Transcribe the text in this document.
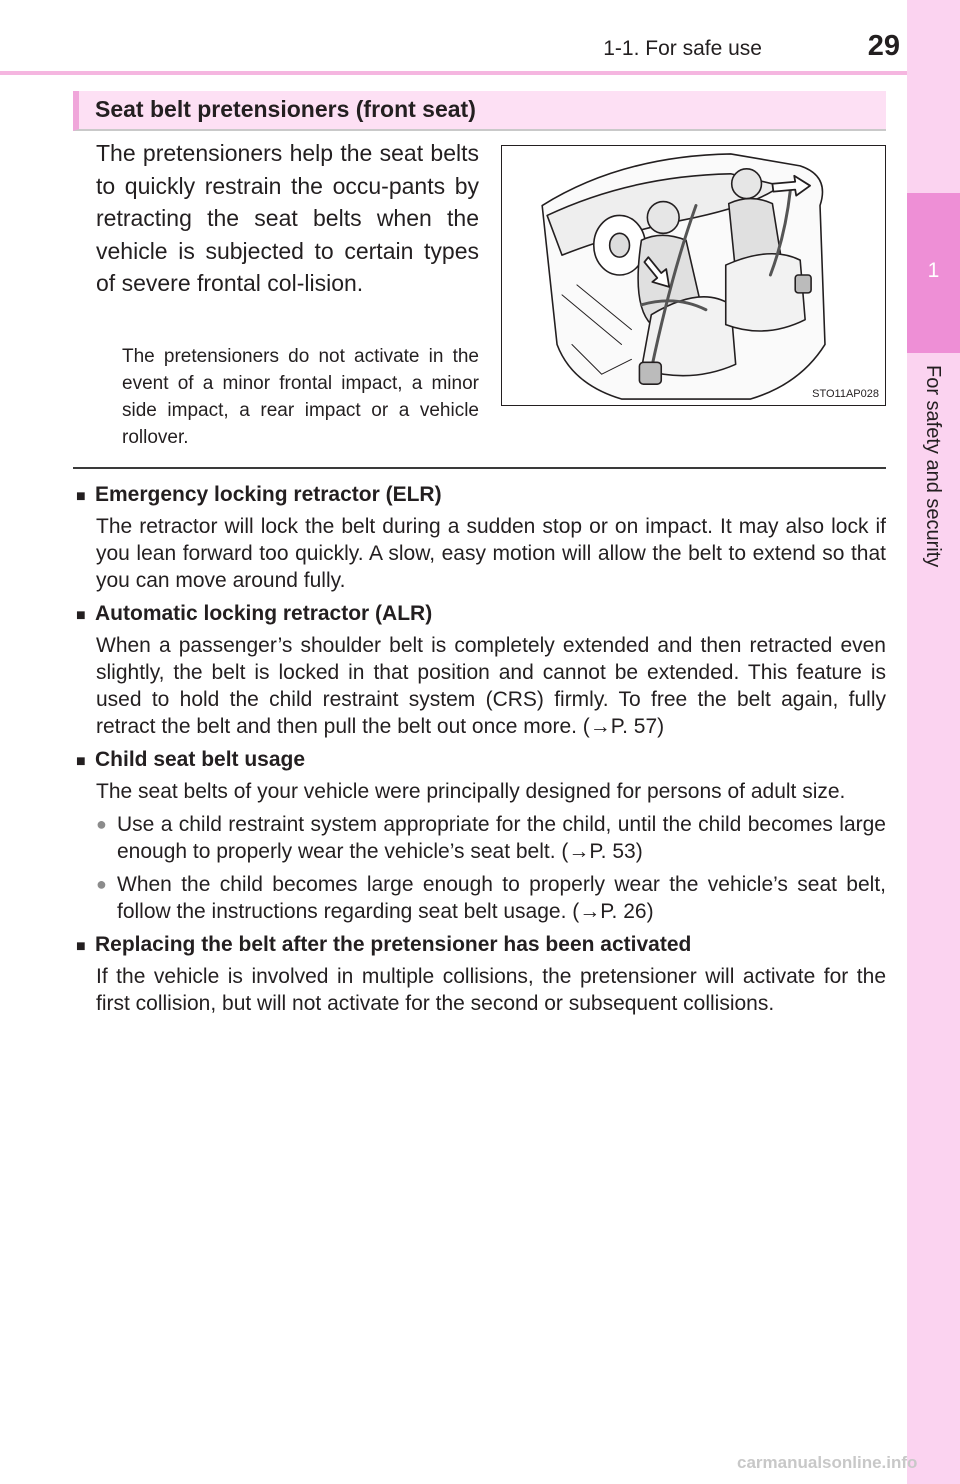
1-1. For safe use	29
1
For safety and security
Seat belt pretensioners (front seat)
The pretensioners help the seat belts to quickly restrain the occu-pants by retracting the seat belts when the vehicle is subjected to certain types of severe frontal col-lision.
The pretensioners do not activate in the event of a minor frontal impact, a minor side impact, a rear impact or a vehicle rollover.
STO11AP028
■ Emergency locking retractor (ELR)
The retractor will lock the belt during a sudden stop or on impact. It may also lock if you lean forward too quickly. A slow, easy motion will allow the belt to extend so that you can move around fully.
■ Automatic locking retractor (ALR)
When a passenger’s shoulder belt is completely extended and then retracted even slightly, the belt is locked in that position and cannot be extended. This feature is used to hold the child restraint system (CRS) firmly. To free the belt again, fully retract the belt and then pull the belt out once more. (→P. 57)
■ Child seat belt usage
The seat belts of your vehicle were principally designed for persons of adult size.
● Use a child restraint system appropriate for the child, until the child becomes large enough to properly wear the vehicle’s seat belt. (→P. 53)
● When the child becomes large enough to properly wear the vehicle’s seat belt, follow the instructions regarding seat belt usage. (→P. 26)
■ Replacing the belt after the pretensioner has been activated
If the vehicle is involved in multiple collisions, the pretensioner will activate for the first collision, but will not activate for the second or subsequent collisions.
carmanualsonline.info
